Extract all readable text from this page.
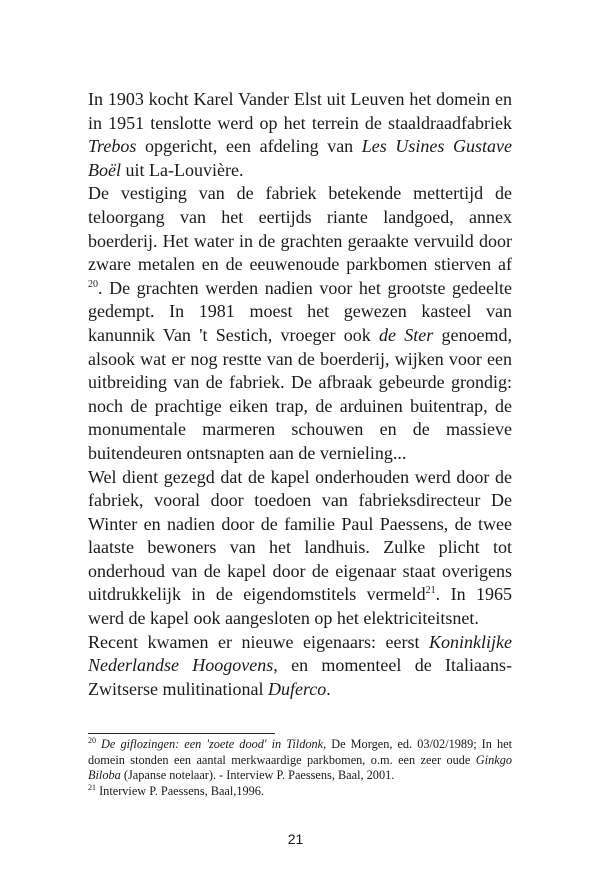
In 1903 kocht Karel Vander Elst uit Leuven het domein en in 1951 tenslotte werd op het terrein de staaldraadfabriek Trebos opgericht, een afdeling van Les Usines Gustave Boël uit La-Louvière.

De vestiging van de fabriek betekende mettertijd de teloorgang van het eertijds riante landgoed, annex boerderij. Het water in de grachten geraakte vervuild door zware metalen en de eeuwenoude parkbomen stierven af $^{20}$. De grachten werden nadien voor het grootste gedeelte gedempt. In 1981 moest het gewezen kasteel van kanunnik Van 't Sestich, vroeger ook de Ster genoemd, alsook wat er nog restte van de boerderij, wijken voor een uitbreiding van de fabriek. De afbraak gebeurde grondig: noch de prachtige eiken trap, de arduinen buitentrap, de monumentale marmeren schouwen en de massieve buitendeuren ontsnapten aan de vernieling...

Wel dient gezegd dat de kapel onderhouden werd door de fabriek, vooral door toedoen van fabrieksdirecteur De Winter en nadien door de familie Paul Paessens, de twee laatste bewoners van het landhuis. Zulke plicht tot onderhoud van de kapel door de eigenaar staat overigens uitdrukkelijk in de eigendomstitels vermeld$^{21}$. In 1965 werd de kapel ook aangesloten op het elektriciteitsnet.

Recent kwamen er nieuwe eigenaars: eerst Koninklijke Nederlandse Hoogovens, en momenteel de Italiaans-Zwitserse mulitinational Duferco.

$^{20}$ De giflozingen: een 'zoete dood' in Tildonk, De Morgen, ed. 03/02/1989; In het domein stonden een aantal merkwaardige parkbomen, o.m. een zeer oude Ginkgo Biloba (Japanse notelaar). - Interview P. Paessens, Baal, 2001.

$^{21}$ Interview P. Paessens, Baal,1996.

21
